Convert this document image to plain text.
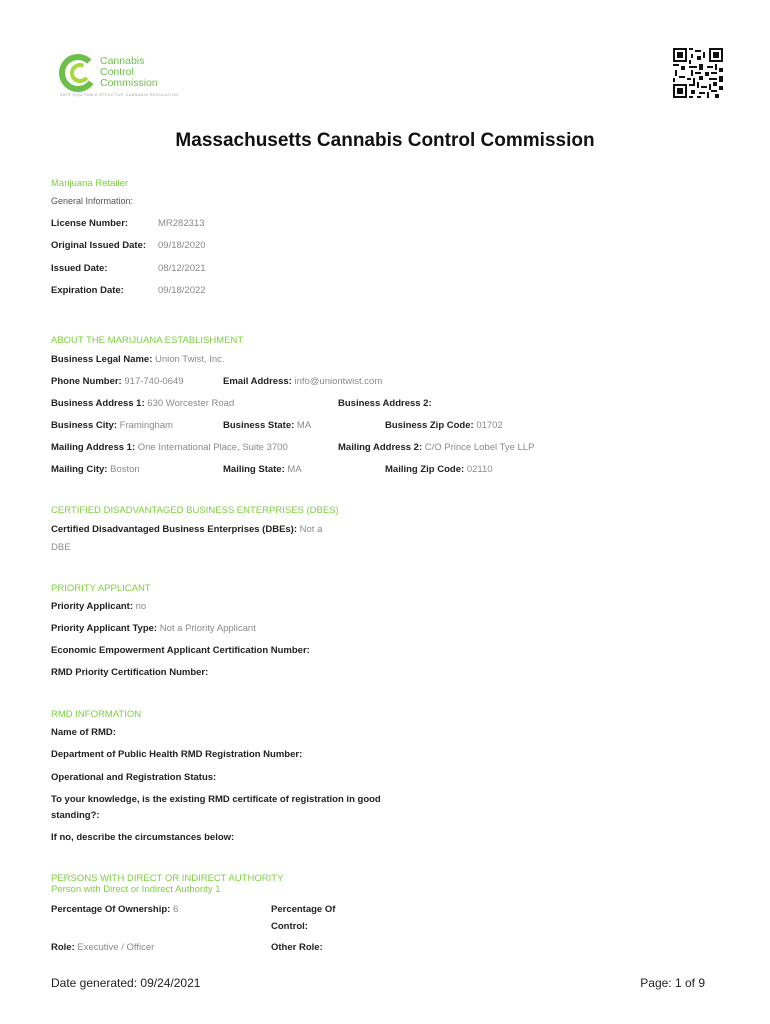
Cannabis
Control
Commission
SAFE EQUITABLE EFFECTIVE CANNABIS REGULATION
Massachusetts Cannabis Control Commission
Marijuana Retailer
General Information:
License Number:	MR282313
Original Issued Date: 09/18/2020
Issued Date:	08/12/2021
Expiration Date:	09/18/2022
ABOUT THE MARIJUANA ESTABLISHMENT
Business Legal Name: Union Twist, Inc.
Phone Number: 917-740-0649	Email Address: info@uniontwist.com
Business Address 1: 630 Worcester Road	Business Address 2:
Business City: Framingham	Business State: MA	Business Zip Code: 01702
Mailing Address 1: One International Place, Suite 3700	Mailing Address 2: C/O Prince Lobel Tye LLP
Mailing City: Boston	Mailing State: MA	Mailing Zip Code: 02110
CERTIFIED DISADVANTAGED BUSINESS ENTERPRISES (DBES)
Certified Disadvantaged Business Enterprises (DBEs): Not a
DBE
PRIORITY APPLICANT
Priority Applicant: no
Priority Applicant Type: Not a Priority Applicant
Economic Empowerment Applicant Certification Number:
RMD Priority Certification Number:
RMD INFORMATION
Name of RMD:
Department of Public Health RMD Registration Number:
Operational and Registration Status:
To your knowledge, is the existing RMD certificate of registration in good
standing?:
If no, describe the circumstances below:
PERSONS WITH DIRECT OR INDIRECT AUTHORITY
Person with Direct or Indirect Authority 1
Percentage Of Ownership: 6	Percentage Of
Control:
Role: Executive / Officer	Other Role:
Date generated: 09/24/2021	Page: 1 of 9
